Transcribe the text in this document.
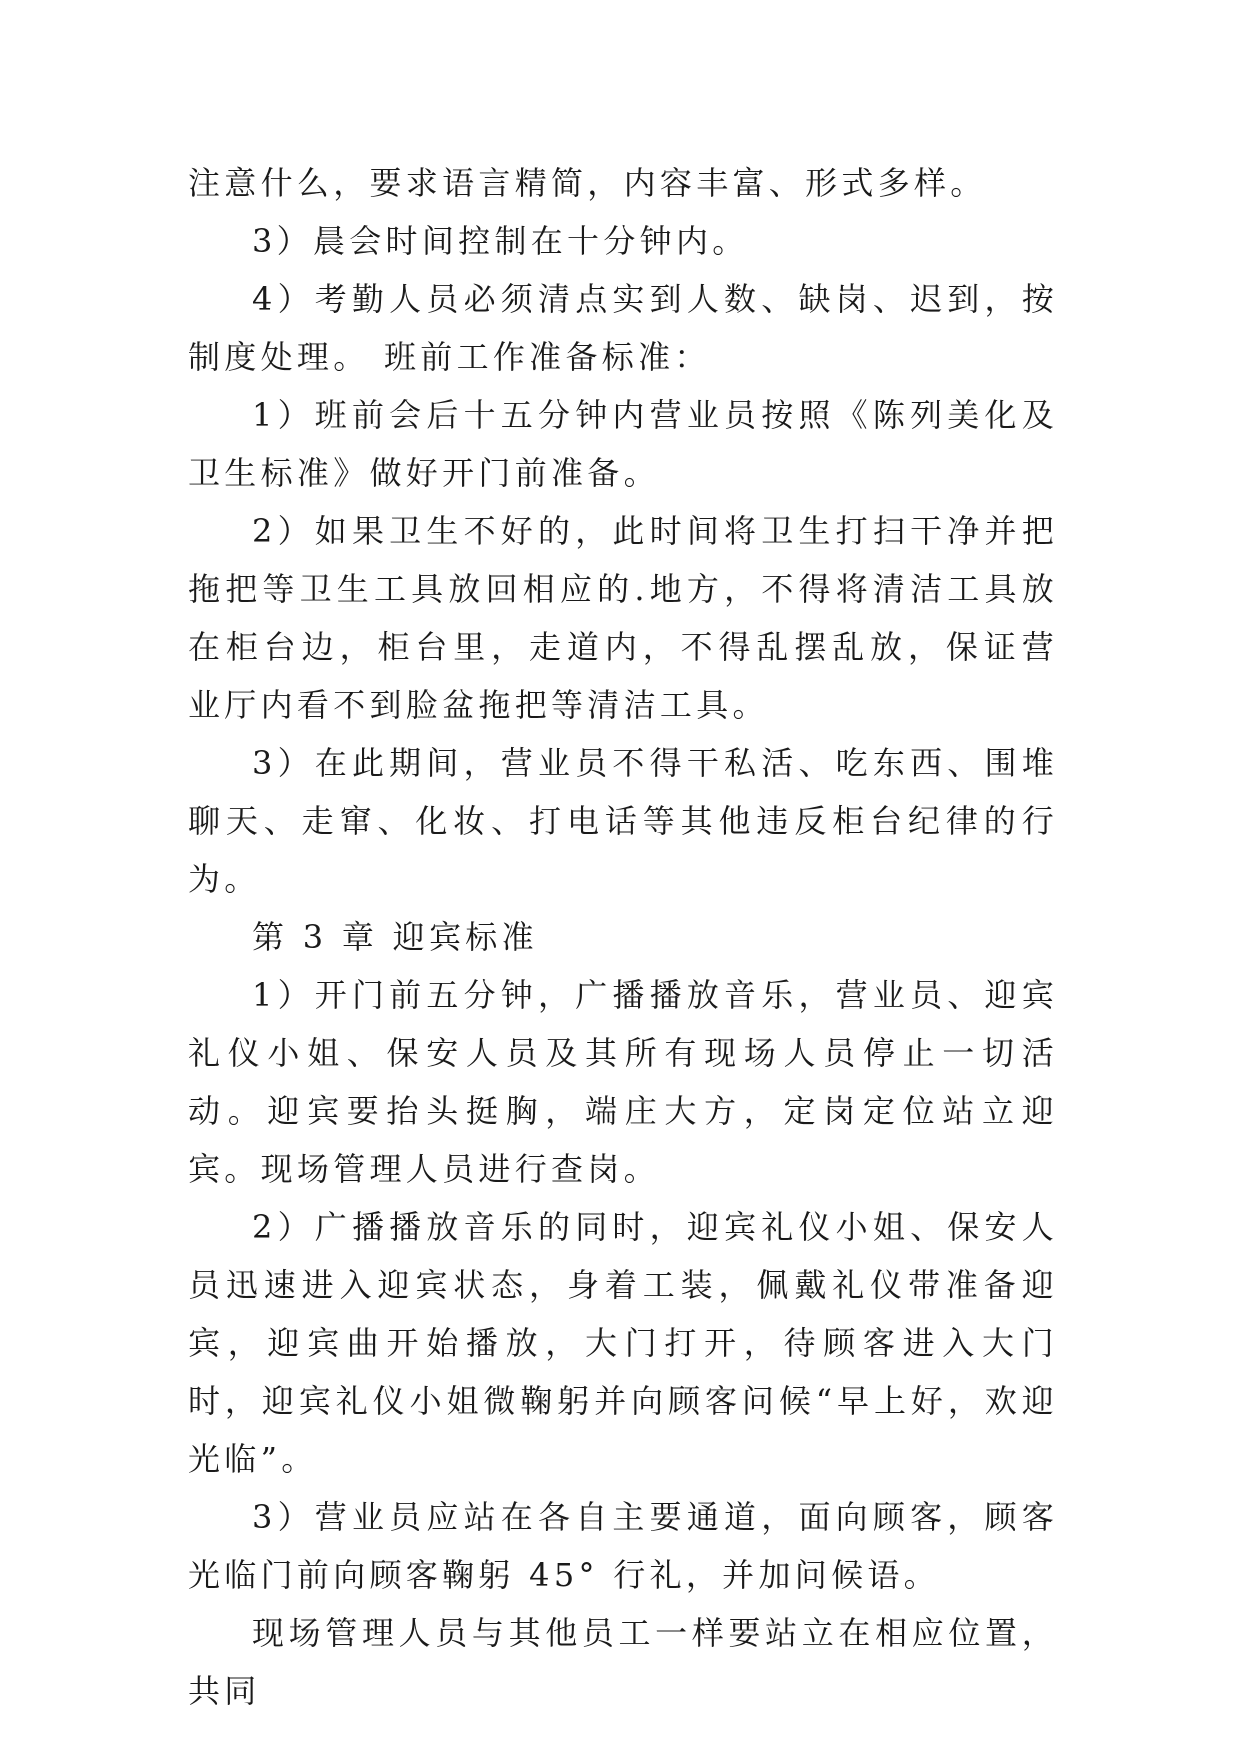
注意什么，要求语言精简，内容丰富、形式多样。

3）晨会时间控制在十分钟内。

4）考勤人员必须清点实到人数、缺岗、迟到，按制度处理。 班前工作准备标准：

1）班前会后十五分钟内营业员按照《陈列美化及卫生标准》做好开门前准备。

2）如果卫生不好的，此时间将卫生打扫干净并把拖把等卫生工具放回相应的.地方，不得将清洁工具放在柜台边，柜台里，走道内，不得乱摆乱放，保证营业厅内看不到脸盆拖把等清洁工具。

3）在此期间，营业员不得干私活、吃东西、围堆聊天、走窜、化妆、打电话等其他违反柜台纪律的行为。

第 3 章 迎宾标准

1）开门前五分钟，广播播放音乐，营业员、迎宾礼仪小姐、保安人员及其所有现场人员停止一切活动。迎宾要抬头挺胸，端庄大方，定岗定位站立迎宾。现场管理人员进行查岗。

2）广播播放音乐的同时，迎宾礼仪小姐、保安人员迅速进入迎宾状态，身着工装，佩戴礼仪带准备迎宾，迎宾曲开始播放，大门打开，待顾客进入大门时，迎宾礼仪小姐微鞠躬并向顾客问候“早上好，欢迎光临”。

3）营业员应站在各自主要通道，面向顾客，顾客光临门前向顾客鞠躬 45° 行礼，并加问候语。

现场管理人员与其他员工一样要站立在相应位置，共同
